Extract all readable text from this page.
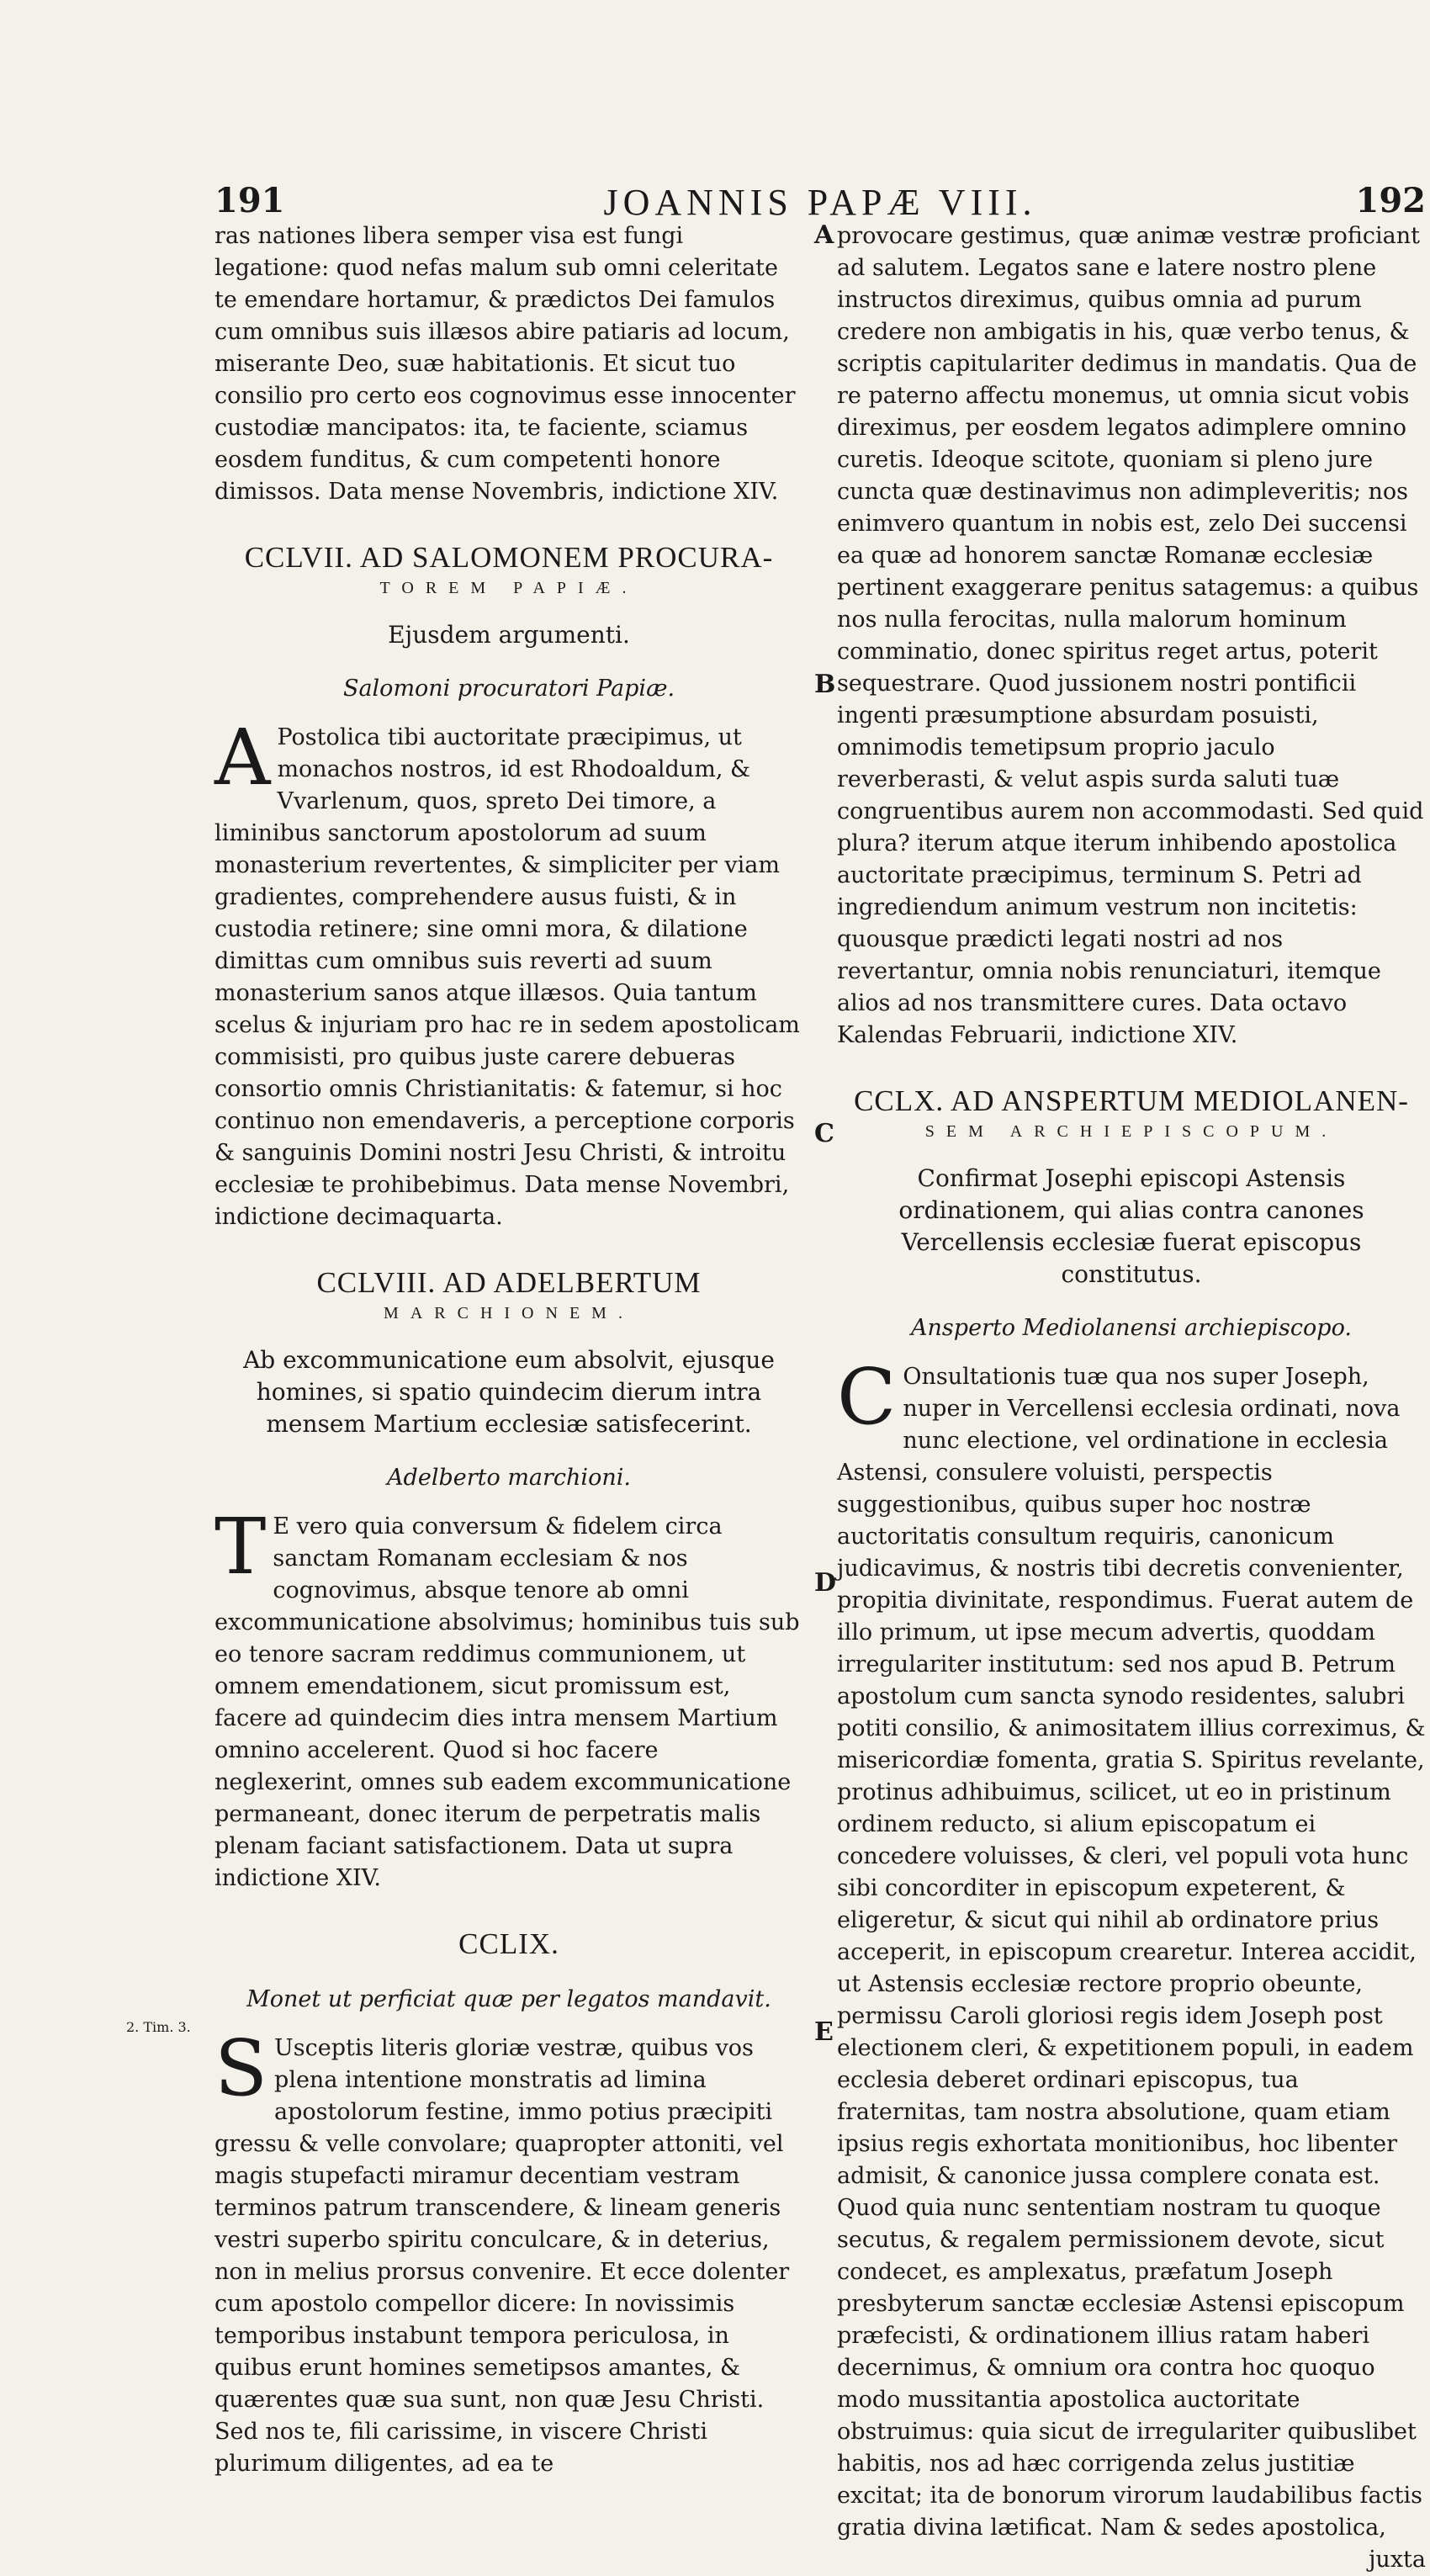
191	JOANNIS PAPÆ VIII.	192

ras nationes libera semper visa est fungi legatione: quod nefas malum sub omni celeritate te emendare hortamur, & prædictos Dei famulos cum omnibus suis illæsos abire patiaris ad locum, miserante Deo, suæ habitationis. Et sicut tuo consilio pro certo eos cognovimus esse innocenter custodiæ mancipatos: ita, te faciente, sciamus eosdem funditus, & cum competenti honore dimissos. Data mense Novembris, indictione XIV.

CCLVII. AD SALOMONEM PROCURA-
TOREM PAPIÆ.
Ejusdem argumenti.
Salomoni procuratori Papiæ.

A Postolica tibi auctoritate præcipimus, ut monachos nostros, id est Rhodoaldum, & Vvarlenum, quos, spreto Dei timore, a liminibus sanctorum apostolorum ad suum monasterium revertentes, & simpliciter per viam gradientes, comprehendere ausus fuisti, & in custodia retinere; sine omni mora, & dilatione dimittas cum omnibus suis reverti ad suum monasterium sanos atque illæsos. Quia tantum scelus & injuriam pro hac re in sedem apostolicam commisisti, pro quibus juste carere debueras consortio omnis Christianitatis: & fatemur, si hoc continuo non emendaveris, a perceptione corporis & sanguinis Domini nostri Jesu Christi, & introitu ecclesiæ te prohibebimus. Data mense Novembri, indictione decimaquarta.

CCLVIII. AD ADELBERTUM
MARCHIONEM.
Ab excommunicatione eum absolvit, ejusque homines, si spatio quindecim dierum intra mensem Martium ecclesiæ satisfecerint.
Adelberto marchioni.

T E vero quia conversum & fidelem circa sanctam Romanam ecclesiam & nos cognovimus, absque tenore ab omni excommunicatione absolvimus; hominibus tuis sub eo tenore sacram reddimus communionem, ut omnem emendationem, sicut promissum est, facere ad quindecim dies intra mensem Martium omnino accelerent. Quod si hoc facere neglexerint, omnes sub eadem excommunicatione permaneant, donec iterum de perpetratis malis plenam faciant satisfactionem. Data ut supra indictione XIV.

CCLIX.
Monet ut perficiat quæ per legatos mandavit.

S Usceptis literis gloriæ vestræ, quibus vos plena intentione monstratis ad limina apostolorum festine, immo potius præcipiti gressu & velle convolare; quapropter attoniti, vel magis stupefacti miramur decentiam vestram terminos patrum transcendere, & lineam generis vestri superbo spiritu conculcare, & in deterius, non in melius prorsus convenire. Et ecce dolenter cum apostolo compellor dicere: In novissimis temporibus instabunt tempora periculosa, in quibus erunt homines semetipsos amantes, & quærentes quæ sua sunt, non quæ Jesu Christi. Sed nos te, fili carissime, in viscere Christi plurimum diligentes, ad ea te

A
B
C
D
E

provocare gestimus, quæ animæ vestræ proficiant ad salutem. Legatos sane e latere nostro plene instructos direximus, quibus omnia ad purum credere non ambigatis in his, quæ verbo tenus, & scriptis capitulariter dedimus in mandatis. Qua de re paterno affectu monemus, ut omnia sicut vobis direximus, per eosdem legatos adimplere omnino curetis. Ideoque scitote, quoniam si pleno jure cuncta quæ destinavimus non adimpleveritis; nos enimvero quantum in nobis est, zelo Dei succensi ea quæ ad honorem sanctæ Romanæ ecclesiæ pertinent exaggerare penitus satagemus: a quibus nos nulla ferocitas, nulla malorum hominum comminatio, donec spiritus reget artus, poterit sequestrare. Quod jussionem nostri pontificii ingenti præsumptione absurdam posuisti, omnimodis temetipsum proprio jaculo reverberasti, & velut aspis surda saluti tuæ congruentibus aurem non accommodasti. Sed quid plura? iterum atque iterum inhibendo apostolica auctoritate præcipimus, terminum S. Petri ad ingrediendum animum vestrum non incitetis: quousque prædicti legati nostri ad nos revertantur, omnia nobis renunciaturi, itemque alios ad nos transmittere cures. Data octavo Kalendas Februarii, indictione XIV.

CCLX. AD ANSPERTUM MEDIOLANEN-
SEM ARCHIEPISCOPUM.
Confirmat Josephi episcopi Astensis ordinationem, qui alias contra canones Vercellensis ecclesiæ fuerat episcopus constitutus.
Ansperto Mediolanensi archiepiscopo.

C Onsultationis tuæ qua nos super Joseph, nuper in Vercellensi ecclesia ordinati, nova nunc electione, vel ordinatione in ecclesia Astensi, consulere voluisti, perspectis suggestionibus, quibus super hoc nostræ auctoritatis consultum requiris, canonicum judicavimus, & nostris tibi decretis convenienter, propitia divinitate, respondimus. Fuerat autem de illo primum, ut ipse mecum advertis, quoddam irregulariter institutum: sed nos apud B. Petrum apostolum cum sancta synodo residentes, salubri potiti consilio, & animositatem illius correximus, & misericordiæ fomenta, gratia S. Spiritus revelante, protinus adhibuimus, scilicet, ut eo in pristinum ordinem reducto, si alium episcopatum ei concedere voluisses, & cleri, vel populi vota hunc sibi concorditer in episcopum expeterent, & eligeretur, & sicut qui nihil ab ordinatore prius acceperit, in episcopum crearetur. Interea accidit, ut Astensis ecclesiæ rectore proprio obeunte, permissu Caroli gloriosi regis idem Joseph post electionem cleri, & expetitionem populi, in eadem ecclesia deberet ordinari episcopus, tua fraternitas, tam nostra absolutione, quam etiam ipsius regis exhortata monitionibus, hoc libenter admisit, & canonice jussa complere conata est. Quod quia nunc sententiam nostram tu quoque secutus, & regalem permissionem devote, sicut condecet, es amplexatus, præfatum Joseph presbyterum sanctæ ecclesiæ Astensi episcopum præfecisti, & ordinationem illius ratam haberi decernimus, & omnium ora contra hoc quoquo modo mussitantia apostolica auctoritate obstruimus: quia sicut de irregulariter quibuslibet habitis, nos ad hæc corrigenda zelus justitiæ excitat; ita de bonorum virorum laudabilibus factis gratia divina lætificat. Nam & sedes apostolica,

juxta
2. Tim. 3.
